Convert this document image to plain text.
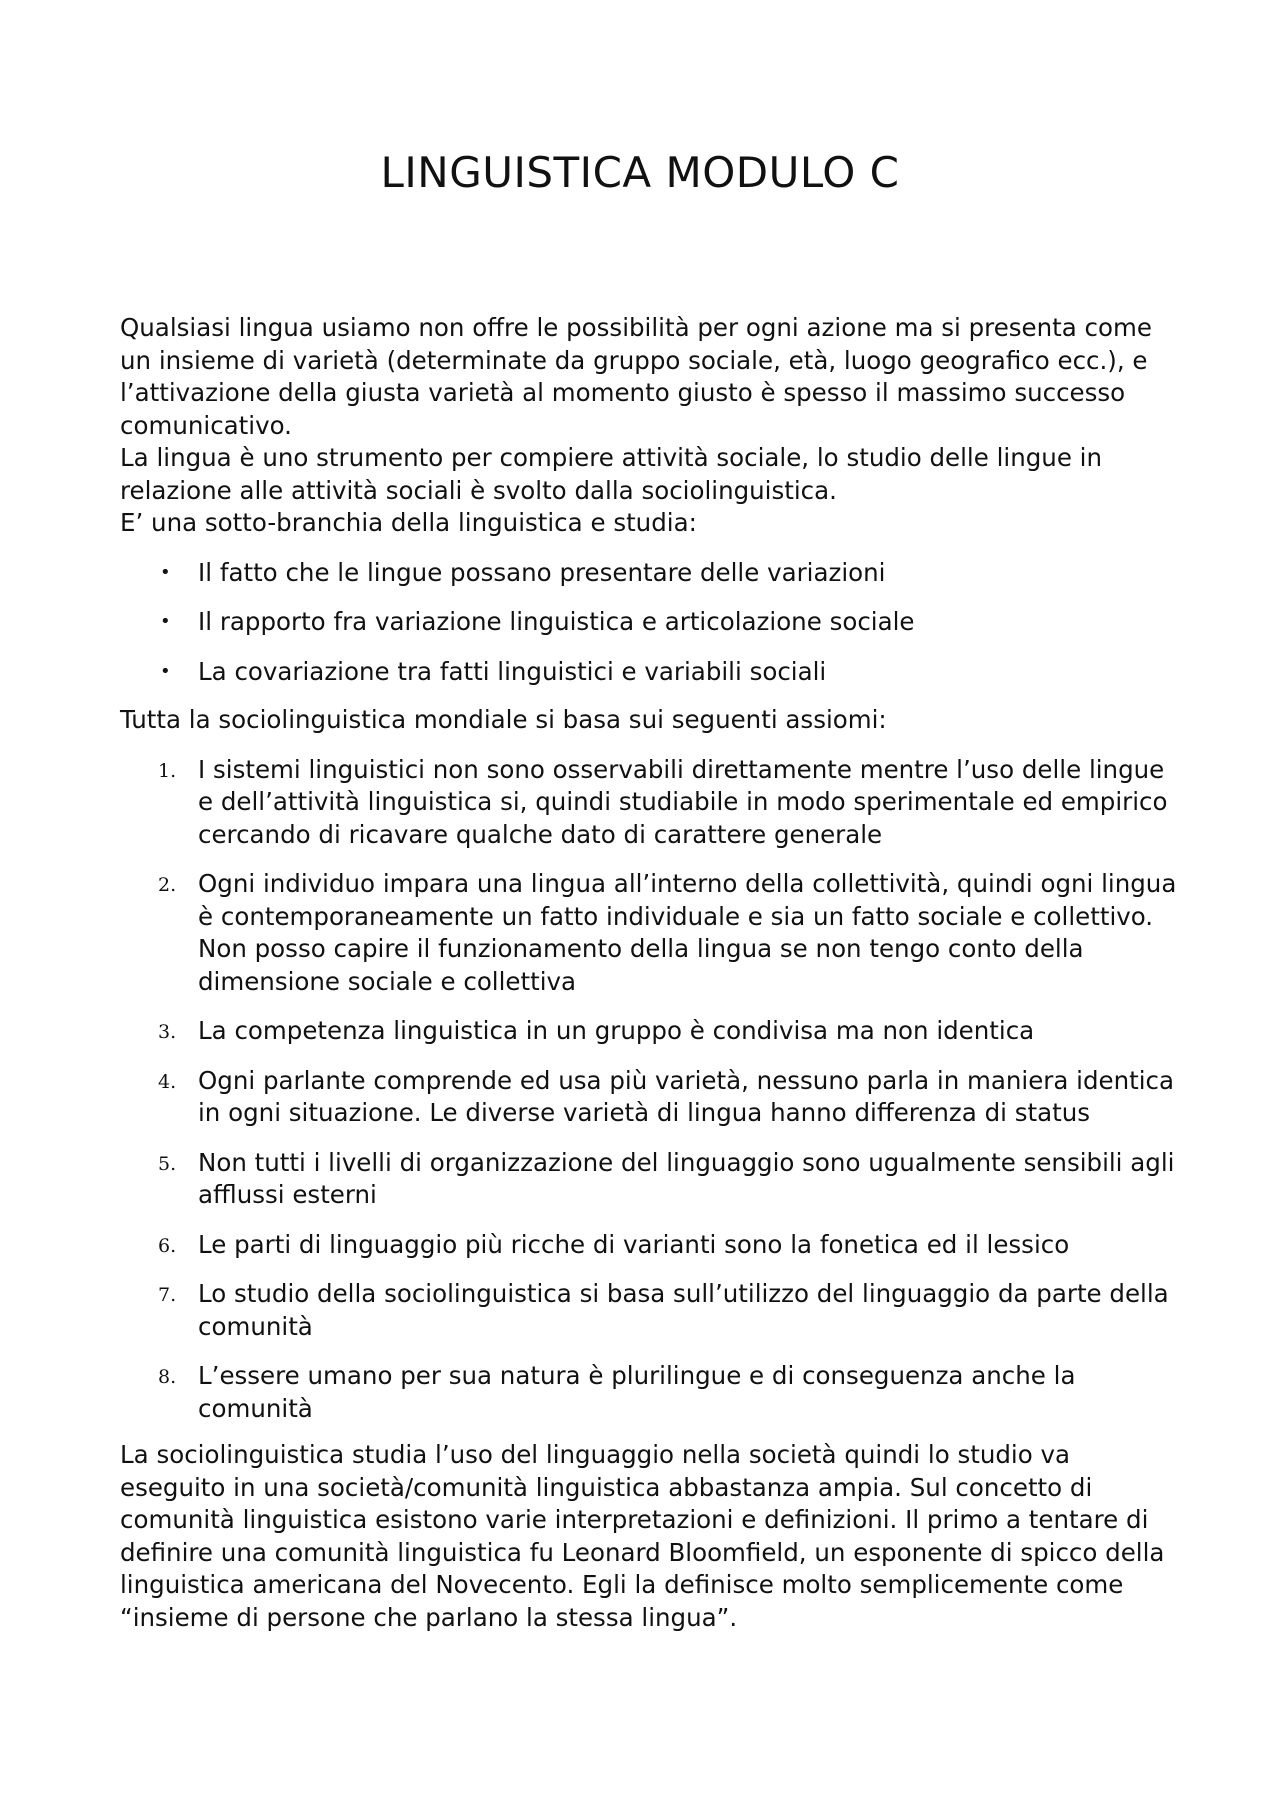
LINGUISTICA MODULO C

Qualsiasi lingua usiamo non offre le possibilità per ogni azione ma si presenta come un insieme di varietà (determinate da gruppo sociale, età, luogo geografico ecc.), e l’attivazione della giusta varietà al momento giusto è spesso il massimo successo comunicativo.

La lingua è uno strumento per compiere attività sociale, lo studio delle lingue in relazione alle attività sociali è svolto dalla sociolinguistica.

E’ una sotto-branchia della linguistica e studia:

• Il fatto che le lingue possano presentare delle variazioni
• Il rapporto fra variazione linguistica e articolazione sociale
• La covariazione tra fatti linguistici e variabili sociali

Tutta la sociolinguistica mondiale si basa sui seguenti assiomi:

1. I sistemi linguistici non sono osservabili direttamente mentre l’uso delle lingue e dell’attività linguistica si, quindi studiabile in modo sperimentale ed empirico cercando di ricavare qualche dato di carattere generale
2. Ogni individuo impara una lingua all’interno della collettività, quindi ogni lingua è contemporaneamente un fatto individuale e sia un fatto sociale e collettivo. Non posso capire il funzionamento della lingua se non tengo conto della dimensione sociale e collettiva
3. La competenza linguistica in un gruppo è condivisa ma non identica
4. Ogni parlante comprende ed usa più varietà, nessuno parla in maniera identica in ogni situazione. Le diverse varietà di lingua hanno differenza di status
5. Non tutti i livelli di organizzazione del linguaggio sono ugualmente sensibili agli afflussi esterni
6. Le parti di linguaggio più ricche di varianti sono la fonetica ed il lessico
7. Lo studio della sociolinguistica si basa sull’utilizzo del linguaggio da parte della comunità
8. L’essere umano per sua natura è plurilingue e di conseguenza anche la comunità

La sociolinguistica studia l’uso del linguaggio nella società quindi lo studio va eseguito in una società/comunità linguistica abbastanza ampia. Sul concetto di comunità linguistica esistono varie interpretazioni e definizioni. Il primo a tentare di definire una comunità linguistica fu Leonard Bloomfield, un esponente di spicco della linguistica americana del Novecento. Egli la definisce molto semplicemente come “insieme di persone che parlano la stessa lingua”.
